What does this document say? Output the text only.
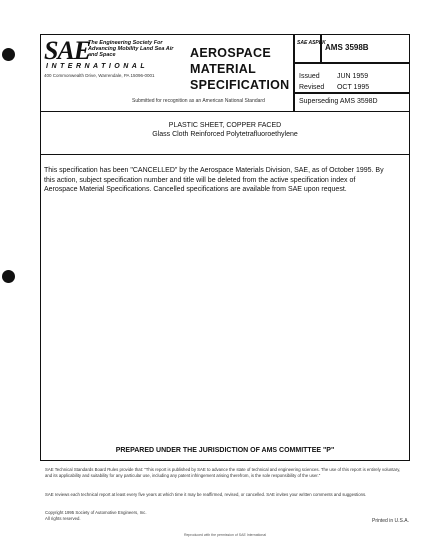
SAE
The Engineering Society For Advancing Mobility Land Sea Air and Space
INTERNATIONAL
400 Commonwealth Drive, Warrendale, PA 15096-0001
AEROSPACE
MATERIAL
SPECIFICATION
SAE ASPEK AMS 3598B
Issued JUN 1959
Revised OCT 1995
Superseding AMS 3598D
Submitted for recognition as an American National Standard
PLASTIC SHEET, COPPER FACED
Glass Cloth Reinforced Polytetrafluoroethylene
This specification has been "CANCELLED" by the Aerospace Materials Division, SAE, as of October 1995. By this action, subject specification number and title will be deleted from the active specification index of Aerospace Material Specifications. Cancelled specifications are available from SAE upon request.
PREPARED UNDER THE JURISDICTION OF AMS COMMITTEE "P"
SAE Technical Standards Board Rules provide that: "This report is published by SAE to advance the state of technical and engineering sciences. The use of this report is entirely voluntary, and its applicability and suitability for any particular use, including any patent infringement arising therefrom, is the sole responsibility of the user."
SAE reviews each technical report at least every five years at which time it may be reaffirmed, revised, or cancelled. SAE invites your written comments and suggestions.
Copyright 1995 Society of Automotive Engineers, Inc.
All rights reserved.	Printed in U.S.A.
Reproduced with the permission of SAE International
